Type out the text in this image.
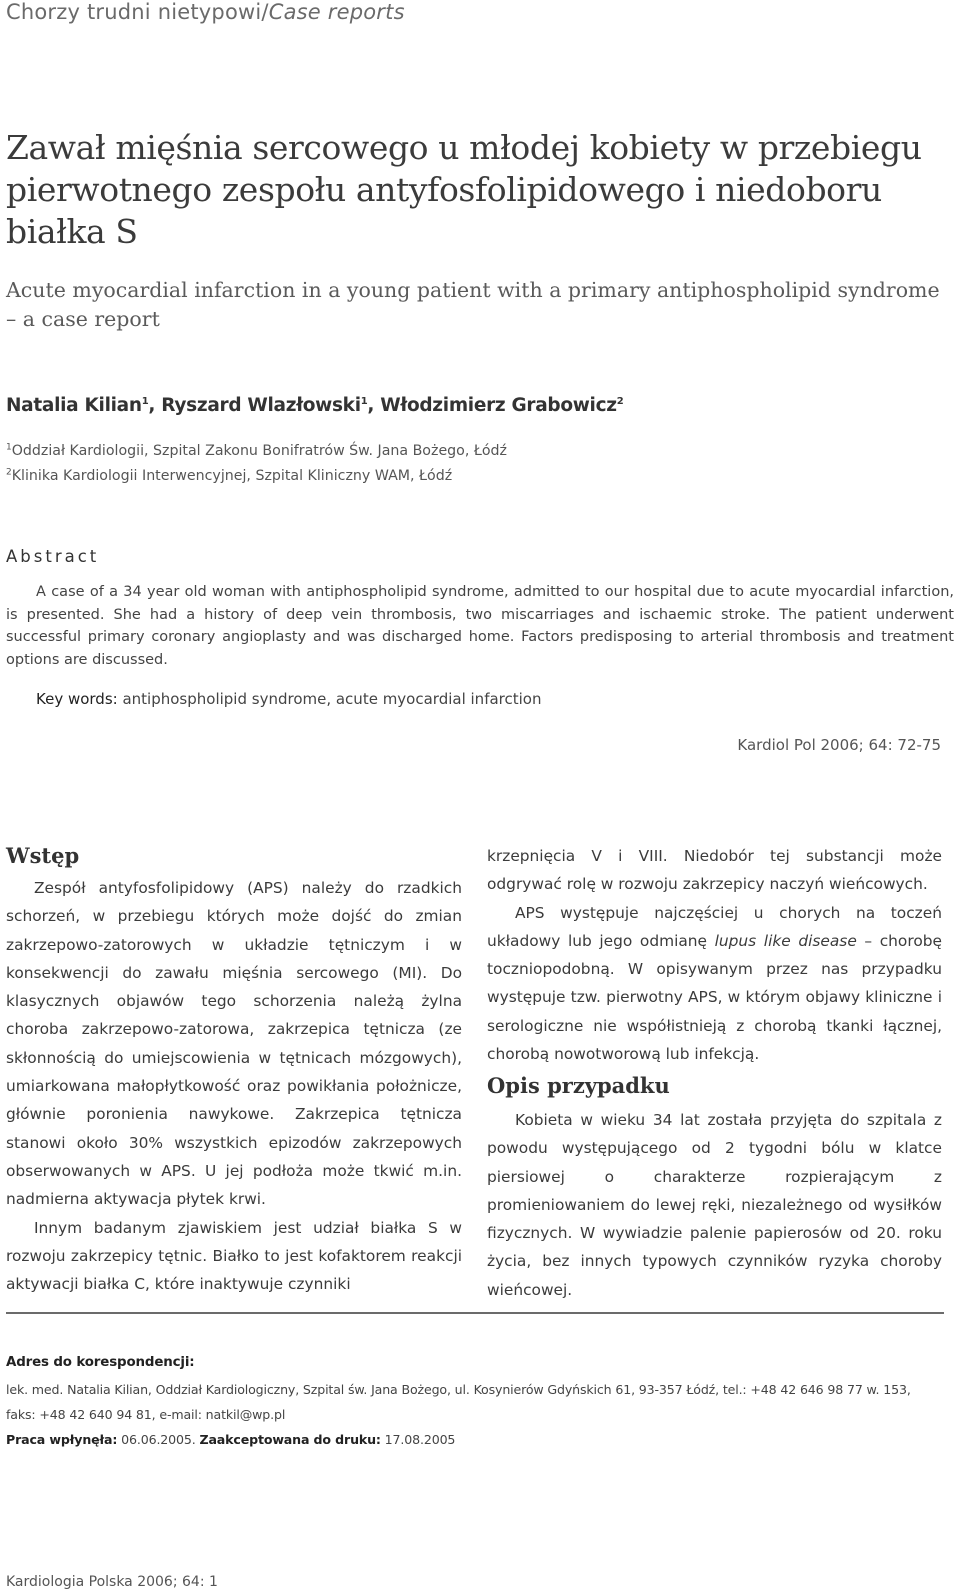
Chorzy trudni nietypowi/Case reports
Zawał mięśnia sercowego u młodej kobiety w przebiegu pierwotnego zespołu antyfosfolipidowego i niedoboru białka S
Acute myocardial infarction in a young patient with a primary antiphospholipid syndrome – a case report
Natalia Kilian$^1$, Ryszard Wlazłowski$^1$, Włodzimierz Grabowicz$^2$
$^1$Oddział Kardiologii, Szpital Zakonu Bonifratrów Św. Jana Bożego, Łódź
$^2$Klinika Kardiologii Interwencyjnej, Szpital Kliniczny WAM, Łódź
Abstract

A case of a 34 year old woman with antiphospholipid syndrome, admitted to our hospital due to acute myocardial infarction, is presented. She had a history of deep vein thrombosis, two miscarriages and ischaemic stroke. The patient underwent successful primary coronary angioplasty and was discharged home. Factors predisposing to arterial thrombosis and treatment options are discussed.

Key words: antiphospholipid syndrome, acute myocardial infarction
Kardiol Pol 2006; 64: 72-75
Wstęp

Zespół antyfosfolipidowy (APS) należy do rzadkich schorzeń, w przebiegu których może dojść do zmian zakrzepowo-zatorowych w układzie tętniczym i w konsekwencji do zawału mięśnia sercowego (MI). Do klasycznych objawów tego schorzenia należą żylna choroba zakrzepowo-zatorowa, zakrzepica tętnicza (ze skłonnością do umiejscowienia w tętnicach mózgowych), umiarkowana małopłytkowość oraz powikłania położnicze, głównie poronienia nawykowe. Zakrzepica tętnicza stanowi około 30% wszystkich epizodów zakrzepowych obserwowanych w APS. U jej podłoża może tkwić m.in. nadmierna aktywacja płytek krwi.

Innym badanym zjawiskiem jest udział białka S w rozwoju zakrzepicy tętnic. Białko to jest kofaktorem reakcji aktywacji białka C, które inaktywuje czynniki

krzepnięcia V i VIII. Niedobór tej substancji może odgrywać rolę w rozwoju zakrzepicy naczyń wieńcowych.

APS występuje najczęściej u chorych na toczeń układowy lub jego odmianę lupus like disease – chorobę toczniopodobną. W opisywanym przez nas przypadku występuje tzw. pierwotny APS, w którym objawy kliniczne i serologiczne nie współistnieją z chorobą tkanki łącznej, chorobą nowotworową lub infekcją.

Opis przypadku

Kobieta w wieku 34 lat została przyjęta do szpitala z powodu występującego od 2 tygodni bólu w klatce piersiowej o charakterze rozpierającym z promieniowaniem do lewej ręki, niezależnego od wysiłków fizycznych. W wywiadzie palenie papierosów od 20. roku życia, bez innych typowych czynników ryzyka choroby wieńcowej.

Adres do korespondencji:
lek. med. Natalia Kilian, Oddział Kardiologiczny, Szpital św. Jana Bożego, ul. Kosynierów Gdyńskich 61, 93-357 Łódź, tel.: +48 42 646 98 77 w. 153,
faks: +48 42 640 94 81, e-mail: natkil@wp.pl
Praca wpłynęła: 06.06.2005. Zaakceptowana do druku: 17.08.2005
Kardiologia Polska 2006; 64: 1
